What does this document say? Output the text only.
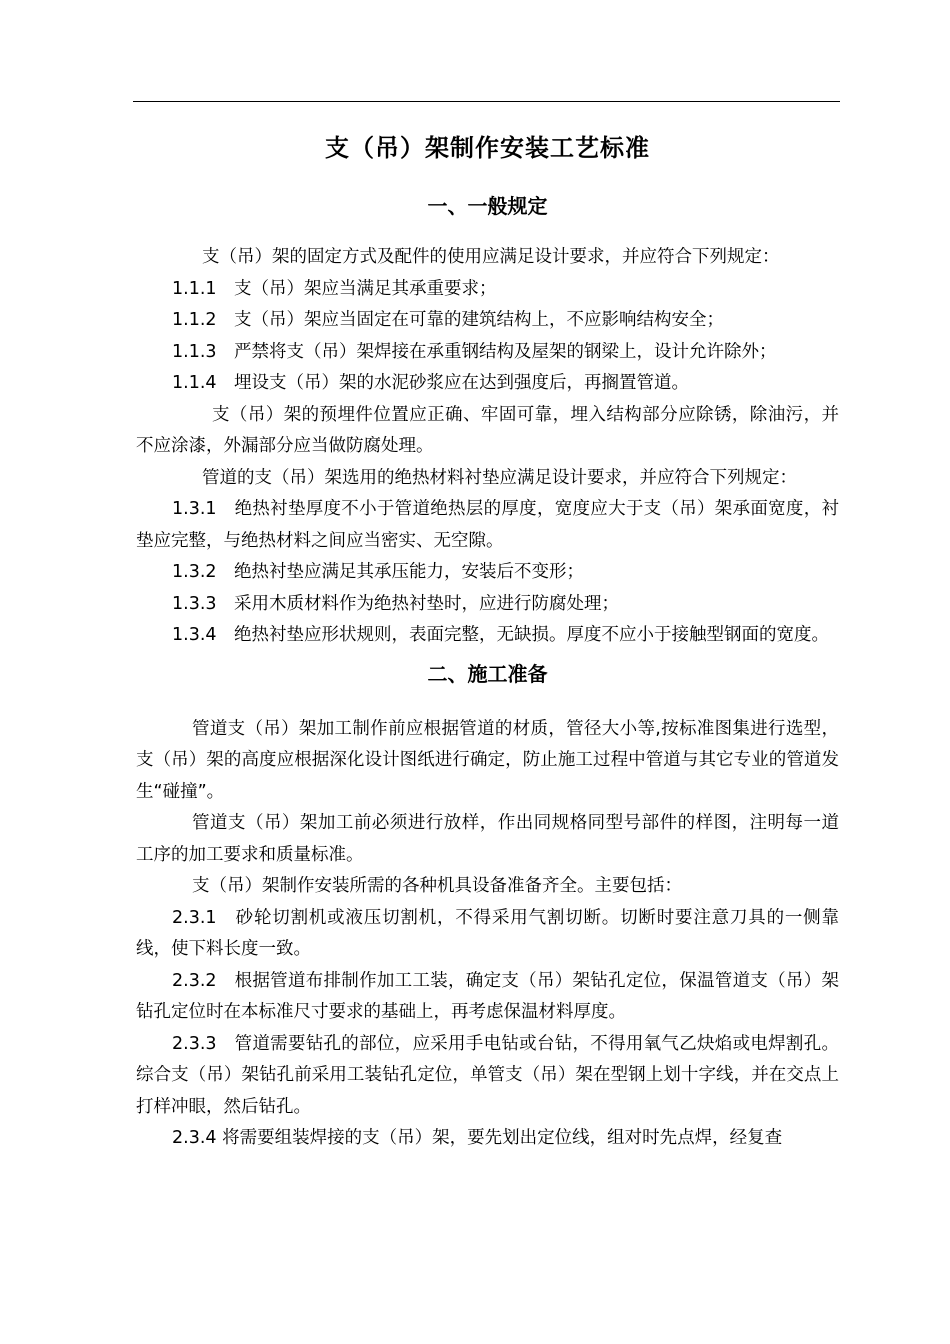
支（吊）架制作安装工艺标准
一、一般规定

支（吊）架的固定方式及配件的使用应满足设计要求，并应符合下列规定：

1.1.1　支（吊）架应当满足其承重要求；

1.1.2　支（吊）架应当固定在可靠的建筑结构上，不应影响结构安全；

1.1.3　严禁将支（吊）架焊接在承重钢结构及屋架的钢梁上，设计允许除外；

1.1.4　埋设支（吊）架的水泥砂浆应在达到强度后，再搁置管道。

支（吊）架的预埋件位置应正确、牢固可靠，埋入结构部分应除锈，除油污，并不应涂漆，外漏部分应当做防腐处理。

管道的支（吊）架选用的绝热材料衬垫应满足设计要求，并应符合下列规定：

1.3.1　绝热衬垫厚度不小于管道绝热层的厚度，宽度应大于支（吊）架承面宽度，衬垫应完整，与绝热材料之间应当密实、无空隙。

1.3.2　绝热衬垫应满足其承压能力，安装后不变形；

1.3.3　采用木质材料作为绝热衬垫时，应进行防腐处理；

1.3.4　绝热衬垫应形状规则，表面完整，无缺损。厚度不应小于接触型钢面的宽度。

二、施工准备

管道支（吊）架加工制作前应根据管道的材质，管径大小等,按标准图集进行选型，支（吊）架的高度应根据深化设计图纸进行确定，防止施工过程中管道与其它专业的管道发生“碰撞”。

管道支（吊）架加工前必须进行放样，作出同规格同型号部件的样图，注明每一道工序的加工要求和质量标准。

支（吊）架制作安装所需的各种机具设备准备齐全。主要包括：

2.3.1　砂轮切割机或液压切割机，不得采用气割切断。切断时要注意刀具的一侧靠线，使下料长度一致。

2.3.2　根据管道布排制作加工工装，确定支（吊）架钻孔定位，保温管道支（吊）架钻孔定位时在本标准尺寸要求的基础上，再考虑保温材料厚度。

2.3.3　管道需要钻孔的部位，应采用手电钻或台钻，不得用氧气乙炔焰或电焊割孔。综合支（吊）架钻孔前采用工装钻孔定位，单管支（吊）架在型钢上划十字线，并在交点上打样冲眼，然后钻孔。

2.3.4 将需要组装焊接的支（吊）架，要先划出定位线，组对时先点焊，经复查
